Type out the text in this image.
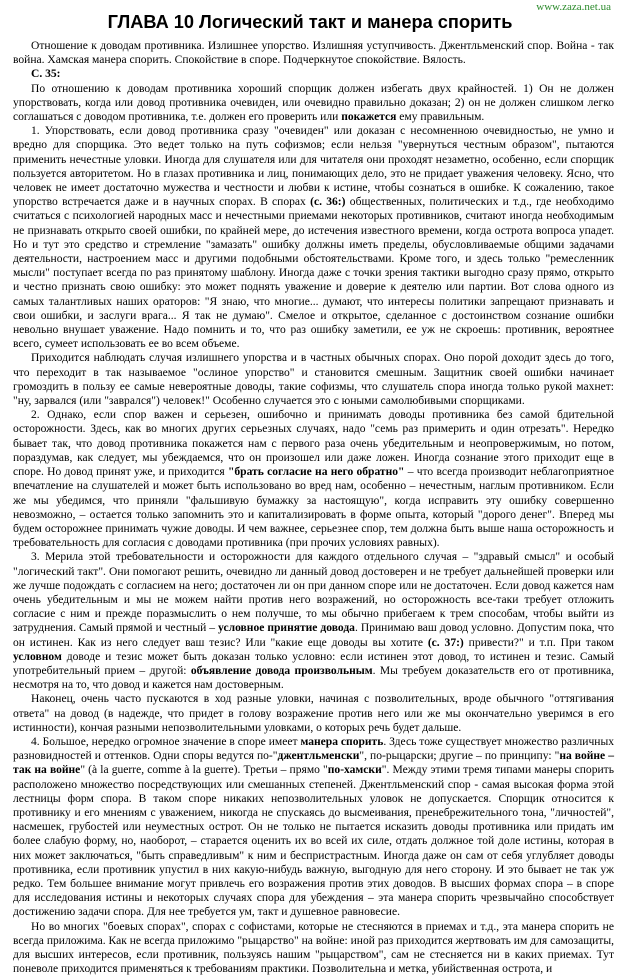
www.zaza.net.ua
ГЛАВА 10 Логический такт и манера спорить

Отношение к доводам противника. Излишнее упорство. Излишняя уступчивость. Джентльменский спор. Война - так война. Хамская манера спорить. Спокойствие в споре. Подчеркнутое спокойствие. Вялость.

С. 35:

По отношению к доводам противника хороший спорщик должен избегать двух крайностей. 1) Он не должен упорствовать, когда или довод противника очевиден, или очевидно правильно доказан; 2) он не должен слишком легко соглашаться с доводом противника, т.е. должен его проверить или покажется ему правильным.

1. Упорствовать, если довод противника сразу "очевиден" или доказан с несомненною очевидностью, не умно и вредно для спорщика. Это ведет только на путь софизмов; если нельзя "увернуться честным образом", пытаются применить нечестные уловки. Иногда для слушателя или для читателя они проходят незаметно, особенно, если спорщик пользуется авторитетом. Но в глазах противника и лиц, понимающих дело, это не придает уважения человеку. Ясно, что человек не имеет достаточно мужества и честности и любви к истине, чтобы сознаться в ошибке. К сожалению, такое упорство встречается даже и в научных спорах. В спорах (с. 36:) общественных, политических и т.д., где необходимо считаться с психологией народных масс и нечестными приемами некоторых противников, считают иногда необходимым не признавать открыто своей ошибки, по крайней мере, до истечения известного времени, когда острота вопроса упадет. Но и тут это средство и стремление "замазать" ошибку должны иметь пределы, обусловливаемые общими задачами деятельности, настроением масс и другими подобными обстоятельствами. Кроме того, и здесь только "ремесленник мысли" поступает всегда по раз принятому шаблону. Иногда даже с точки зрения тактики выгодно сразу прямо, открыто и честно признать свою ошибку: это может поднять уважение и доверие к деятелю или партии. Вот слова одного из самых талантливых наших ораторов: "Я знаю, что многие... думают, что интересы политики запрещают признавать и свои ошибки, и заслуги врага... Я так не думаю". Смелое и открытое, сделанное с достоинством сознание ошибки невольно внушает уважение. Надо помнить и то, что раз ошибку заметили, ее уж не скроешь: противник, вероятнее всего, сумеет использовать ее во всем объеме.

Приходится наблюдать случая излишнего упорства и в частных обычных спорах. Оно порой доходит здесь до того, что переходит в так называемое "ослиное упорство" и становится смешным. Защитник своей ошибки начинает громоздить в пользу ее самые невероятные доводы, такие софизмы, что слушатель спора иногда только рукой махнет: "ну, зарвался (или "заврался") человек!" Особенно случается это с юными самолюбивыми спорщиками.

2. Однако, если спор важен и серьезен, ошибочно и принимать доводы противника без самой бдительной осторожности. Здесь, как во многих других серьезных случаях, надо "семь раз примерить и один отрезать". Нередко бывает так, что довод противника покажется нам с первого раза очень убедительным и неопровержимым, но потом, пораздумав, как следует, мы убеждаемся, что он произошел или даже ложен. Иногда сознание этого приходит еще в споре. Но довод принят уже, и приходится "брать согласие на него обратно" – что всегда производит неблагоприятное впечатление на слушателей и может быть использовано во вред нам, особенно – нечестным, наглым противником. Если же мы убедимся, что приняли "фальшивую бумажку за настоящую", когда исправить эту ошибку совершенно невозможно, – остается только запомнить это и капитализировать в форме опыта, который "дорого денег". Вперед мы будем осторожнее принимать чужие доводы. И чем важнее, серьезнее спор, тем должна быть выше наша осторожность и требовательность для согласия с доводами противника (при прочих условиях равных).

3. Мерила этой требовательности и осторожности для каждого отдельного случая – "здравый смысл" и особый "логический такт". Они помогают решить, очевидно ли данный довод достоверен и не требует дальнейшей проверки или же лучше подождать с согласием на него; достаточен ли он при данном споре или не достаточен. Если довод кажется нам очень убедительным и мы не можем найти против него возражений, но осторожность все-таки требует отложить согласие с ним и прежде поразмыслить о нем получше, то мы обычно прибегаем к трем способам, чтобы выйти из затруднения. Самый прямой и честный – условное принятие довода. Принимаю ваш довод условно. Допустим пока, что он истинен. Как из него следует ваш тезис? Или "какие еще доводы вы хотите (с. 37:) привести?" и т.п. При таком условном доводе и тезис может быть доказан только условно: если истинен этот довод, то истинен и тезис. Самый употребительный прием – другой: объявление довода произвольным. Мы требуем доказательств его от противника, несмотря на то, что довод и кажется нам достоверным.

Наконец, очень часто пускаются в ход разные уловки, начиная с позволительных, вроде обычного "оттягивания ответа" на довод (в надежде, что придет в голову возражение против него или же мы окончательно уверимся в его истинности), кончая разными непозволительными уловками, о которых речь будет дальше.

4. Большое, нередко огромное значение в споре имеет манера спорить. Здесь тоже существует множество различных разновидностей и оттенков. Одни споры ведутся по-"джентльменски", по-рыцарски; другие – по принципу: "на войне – так на войне" (à la guerre, comme à la guerre). Третьи – прямо "по-хамски". Между этими тремя типами манеры спорить расположено множество посредствующих или смешанных степеней. Джентльменский спор - самая высокая форма этой лестницы форм спора. В таком споре никаких непозволительных уловок не допускается. Спорщик относится к противнику и его мнениям с уважением, никогда не спускаясь до высмеивания, пренебрежительного тона, "личностей", насмешек, грубостей или неуместных острот. Он не только не пытается исказить доводы противника или придать им более слабую форму, но, наоборот, – старается оценить их во всей их силе, отдать должное той доле истины, которая в них может заключаться, "быть справедливым" к ним и беспристрастным. Иногда даже он сам от себя углубляет доводы противника, если противник упустил в них какую-нибудь важную, выгодную для него сторону. И это бывает не так уж редко. Тем большее внимание могут привлечь его возражения против этих доводов. В высших формах спора – в споре для исследования истины и некоторых случаях спора для убеждения – эта манера спорить чрезвычайно способствует достижению задачи спора. Для нее требуется ум, такт и душевное равновесие.

Но во многих "боевых спорах", спорах с софистами, которые не стесняются в приемах и т.д., эта манера спорить не всегда приложима. Как не всегда приложимо "рыцарство" на войне: иной раз приходится жертвовать им для самозащиты, для высших интересов, если противник, пользуясь нашим "рыцарством", сам не стесняется ни в каких приемах. Тут поневоле приходится применяться к требованиям практики. Позволительна и метка, убийственная острота, и
